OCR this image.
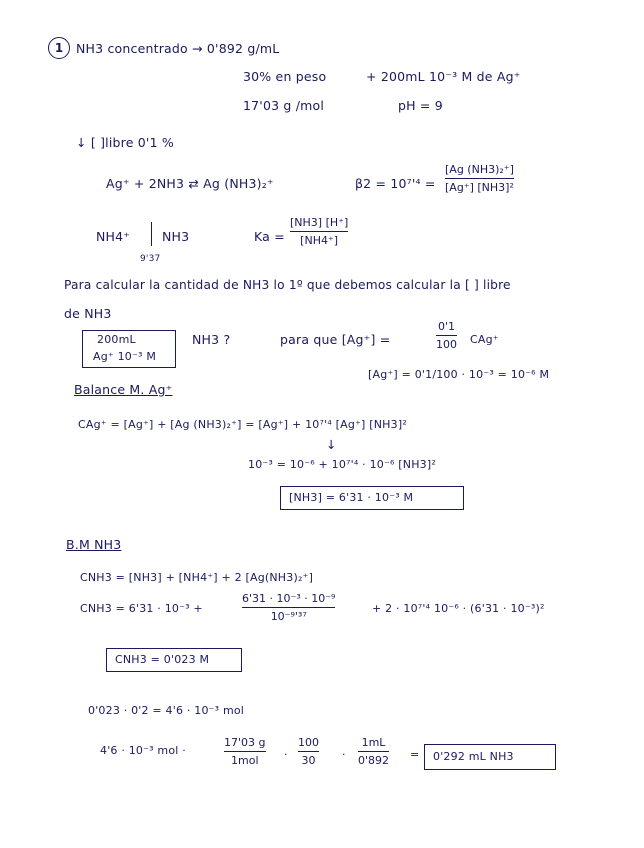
1	NH3 concentrado → 0'892 g/mL
30% en peso	+ 200mL 10⁻³ M de Ag⁺
17'03 g /mol	pH = 9
↓ [ ]libre 0'1 %
Ag⁺ + 2NH3 ⇄ Ag (NH3)₂⁺	β2 = 10⁷'⁴ =
[Ag (NH3)₂⁺]
[Ag⁺] [NH3]²
NH4⁺	NH3
9'37
Ka =
[NH3] [H⁺]
[NH4⁺]
Para calcular la cantidad de NH3 lo 1º que debemos calcular la [ ] libre
de NH3
200mL
Ag⁺ 10⁻³ M
NH3 ?	para que [Ag⁺] =
0'1
100 CAg⁺
[Ag⁺] = 0'1/100 · 10⁻³ = 10⁻⁶ M
Balance M. Ag⁺
CAg⁺ = [Ag⁺] + [Ag (NH3)₂⁺] = [Ag⁺] + 10⁷'⁴ [Ag⁺] [NH3]²
↓
10⁻³ = 10⁻⁶ + 10⁷'⁴ · 10⁻⁶ [NH3]²
[NH3] = 6'31 · 10⁻³ M
B.M NH3
CNH3 = [NH3] + [NH4⁺] + 2 [Ag(NH3)₂⁺]
CNH3 = 6'31 · 10⁻³ +
6'31 · 10⁻³ · 10⁻⁹
10⁻⁹'³⁷
+ 2 · 10⁷'⁴ 10⁻⁶ · (6'31 · 10⁻³)²
CNH3 = 0'023 M
0'023 · 0'2 = 4'6 · 10⁻³ mol
4'6 · 10⁻³ mol ·
17'03 g
1mol ·
100
30 ·
1mL
0'892 = 0'292 mL NH3
